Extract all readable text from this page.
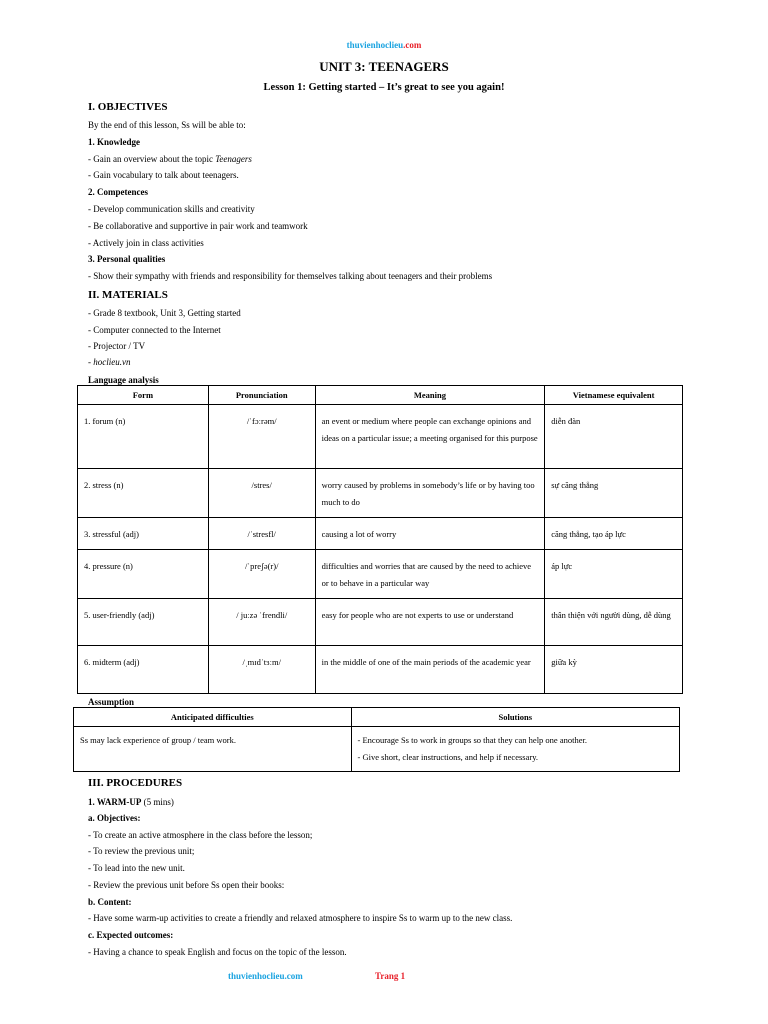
thuvienhoclieu.com
UNIT 3: TEENAGERS
Lesson 1: Getting started – It’s great to see you again!
I. OBJECTIVES
By the end of this lesson, Ss will be able to:
1. Knowledge
- Gain an overview about the topic Teenagers
- Gain vocabulary to talk about teenagers.
2. Competences
- Develop communication skills and creativity
- Be collaborative and supportive in pair work and teamwork
- Actively join in class activities
3. Personal qualities
- Show their sympathy with friends and responsibility for themselves talking about teenagers and their problems
II. MATERIALS
- Grade 8 textbook, Unit 3, Getting started
- Computer connected to the Internet
- Projector / TV
- hoclieu.vn
Language analysis
Form	Pronunciation	Meaning	Vietnamese equivalent
1. forum (n)	/ˈfɔːrəm/	an event or medium where people can exchange opinions and ideas on a particular issue; a meeting organised for this purpose	diễn đàn
2. stress (n)	/stres/	worry caused by problems in somebody’s life or by having too much to do	sự căng thẳng
3. stressful (adj)	/ˈstresfl/	causing a lot of worry	căng thẳng, tạo áp lực
4. pressure (n)	/ˈpreʃə(r)/	difficulties and worries that are caused by the need to achieve or to behave in a particular way	áp lực
5. user-friendly (adj)	/ juːzə ˈfrendli/	easy for people who are not experts to use or understand	thân thiện với người dùng, dễ dùng
6. midterm (adj)	/ˌmɪdˈtɜːm/	in the middle of one of the main periods of the academic year	giữa kỳ
Assumption
Anticipated difficulties	Solutions
Ss may lack experience of group / team work.	- Encourage Ss to work in groups so that they can help one another.
- Give short, clear instructions, and help if necessary.
III. PROCEDURES
1. WARM-UP (5 mins)
a. Objectives:
- To create an active atmosphere in the class before the lesson;
- To review the previous unit;
- To lead into the new unit.
- Review the previous unit before Ss open their books:
b. Content:
- Have some warm-up activities to create a friendly and relaxed atmosphere to inspire Ss to warm up to the new class.
c. Expected outcomes:
- Having a chance to speak English and focus on the topic of the lesson.
thuvienhoclieu.com	Trang 1
